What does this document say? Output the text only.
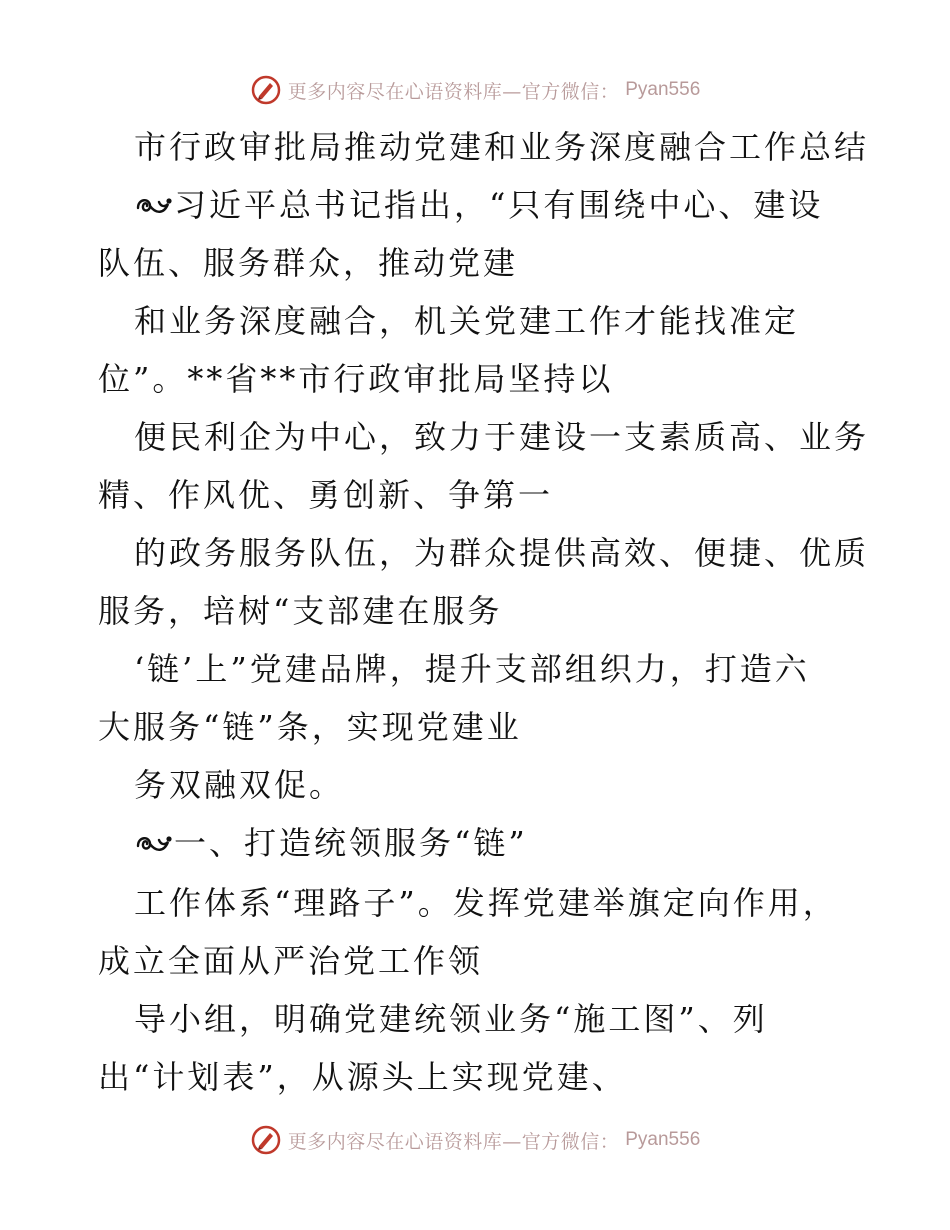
更多内容尽在心语资料库—官方微信： Pyan556
市行政审批局推动党建和业务深度融合工作总结
习近平总书记指出，“只有围绕中心、建设
队伍、服务群众，推动党建
和业务深度融合，机关党建工作才能找准定
位”。**省**市行政审批局坚持以
便民利企为中心，致力于建设一支素质高、业务
精、作风优、勇创新、争第一
的政务服务队伍，为群众提供高效、便捷、优质
服务，培树“支部建在服务
‘链’上”党建品牌，提升支部组织力，打造六
大服务“链”条，实现党建业
务双融双促。
一、打造统领服务“链”
工作体系“理路子”。发挥党建举旗定向作用，
成立全面从严治党工作领
导小组，明确党建统领业务“施工图”、列
出“计划表”，从源头上实现党建、
更多内容尽在心语资料库—官方微信： Pyan556
